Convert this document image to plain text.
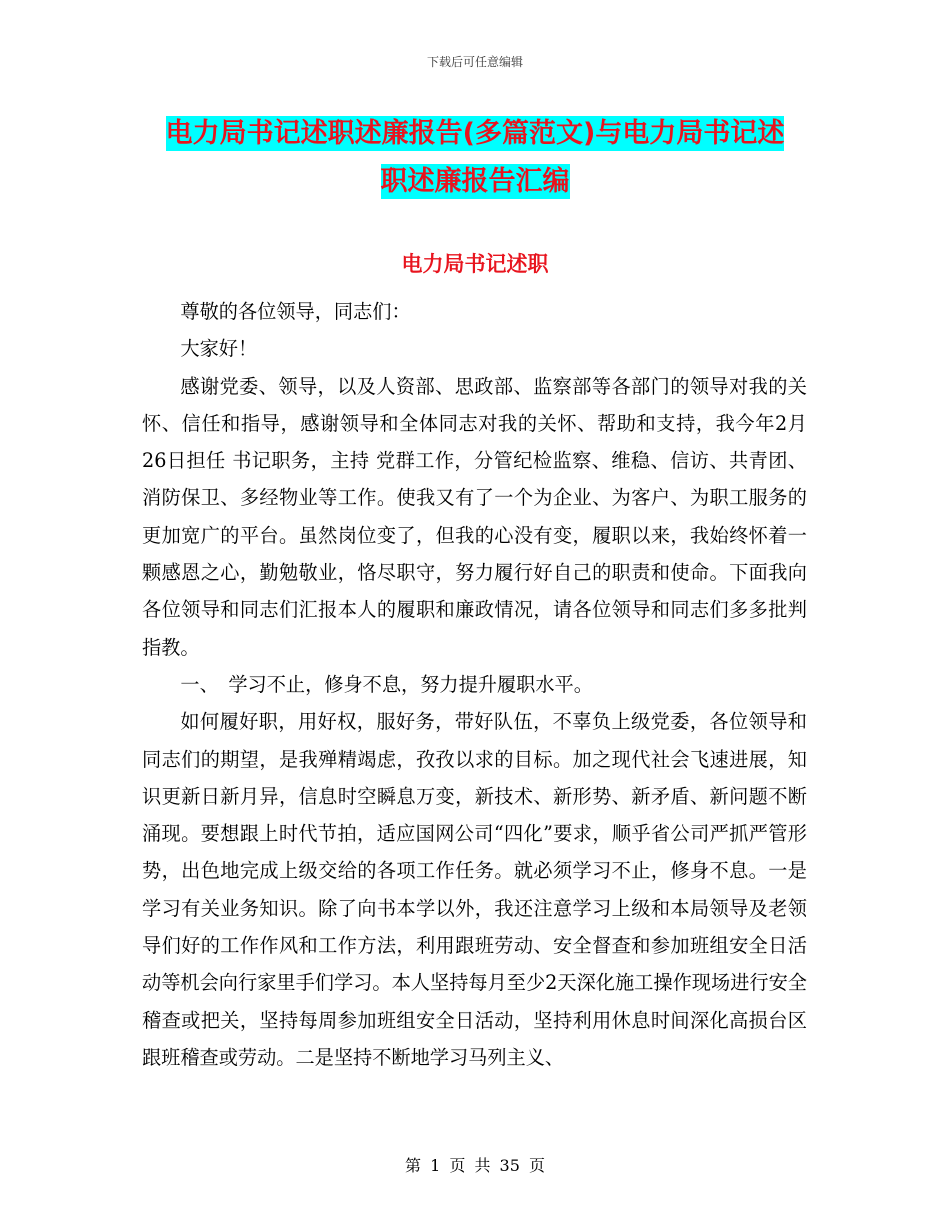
下载后可任意编辑
电力局书记述职述廉报告(多篇范文)与电力局书记述
职述廉报告汇编
电力局书记述职

尊敬的各位领导，同志们：

大家好！

感谢党委、领导，以及人资部、思政部、监察部等各部门的领导对我的关怀、信任和指导，感谢领导和全体同志对我的关怀、帮助和支持，我今年2月26日担任 书记职务，主持 党群工作，分管纪检监察、维稳、信访、共青团、消防保卫、多经物业等工作。使我又有了一个为企业、为客户、为职工服务的更加宽广的平台。虽然岗位变了，但我的心没有变，履职以来，我始终怀着一颗感恩之心，勤勉敬业，恪尽职守，努力履行好自己的职责和使命。下面我向各位领导和同志们汇报本人的履职和廉政情况，请各位领导和同志们多多批判指教。

一、　学习不止，修身不息，努力提升履职水平。

如何履好职，用好权，服好务，带好队伍，不辜负上级党委，各位领导和同志们的期望，是我殚精竭虑，孜孜以求的目标。加之现代社会飞速进展，知识更新日新月异，信息时空瞬息万变，新技术、新形势、新矛盾、新问题不断涌现。要想跟上时代节拍，适应国网公司“四化”要求，顺乎省公司严抓严管形势，出色地完成上级交给的各项工作任务。就必须学习不止，修身不息。一是学习有关业务知识。除了向书本学以外，我还注意学习上级和本局领导及老领导们好的工作作风和工作方法，利用跟班劳动、安全督查和参加班组安全日活动等机会向行家里手们学习。本人坚持每月至少2天深化施工操作现场进行安全稽查或把关，坚持每周参加班组安全日活动，坚持利用休息时间深化高损台区跟班稽查或劳动。二是坚持不断地学习马列主义、

第 1 页 共 35 页
